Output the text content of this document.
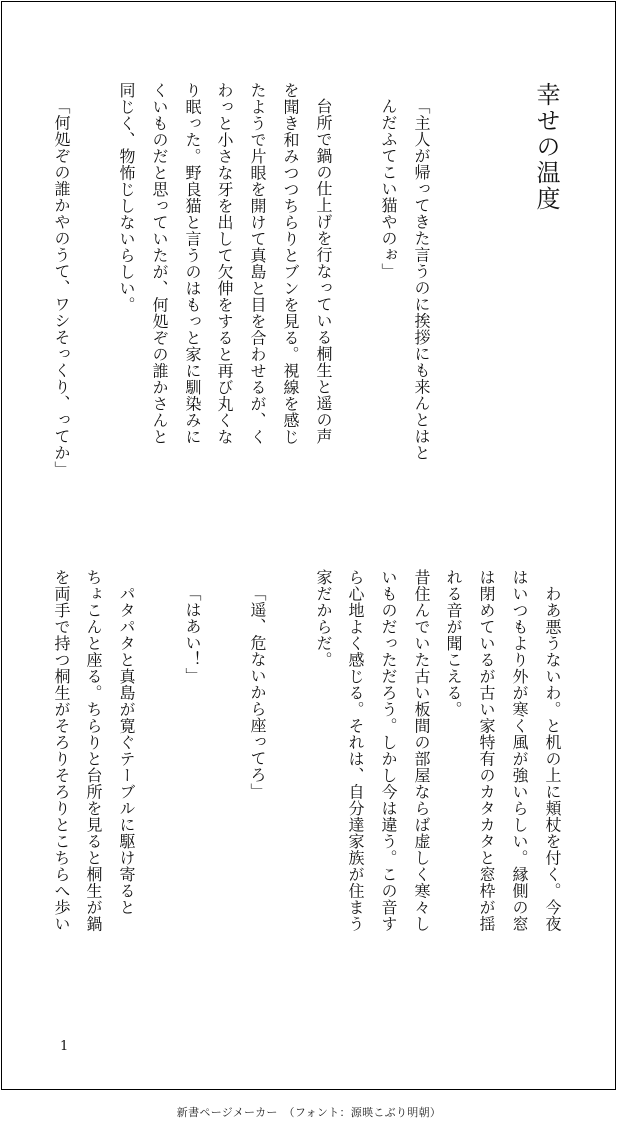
幸せの温度
「主人が帰ってきた言うのに挨拶にも来んとはと
んだふてこい猫やのぉ」
台所で鍋の仕上げを行なっている桐生と遥の声
を聞き和みつつちらりとブンを見る。視線を感じ
たようで片眼を開けて真島と目を合わせるが、く
わっと小さな牙を出して欠伸をすると再び丸くな
り眠った。野良猫と言うのはもっと家に馴染みに
くいものだと思っていたが、何処ぞの誰かさんと
同じく、物怖じしないらしい。
「何処ぞの誰かやのうて、ワシそっくり、ってか」
　わあ悪うないわ。と机の上に頬杖を付く。今夜
はいつもより外が寒く風が強いらしい。縁側の窓
は閉めているが古い家特有のカタカタと窓枠が揺
れる音が聞こえる。
昔住んでいた古い板間の部屋ならば虚しく寒々し
いものだっただろう。しかし今は違う。この音す
ら心地よく感じる。それは、自分達家族が住まう
家だからだ。
「遥、危ないから座ってろ」
「はあい！」
　パタパタと真島が寛ぐテーブルに駆け寄ると
ちょこんと座る。ちらりと台所を見ると桐生が鍋
を両手で持つ桐生がそろりそろりとこちらへ歩い
1
新書ページメーカー　（フォント：源暎こぶり明朝）
